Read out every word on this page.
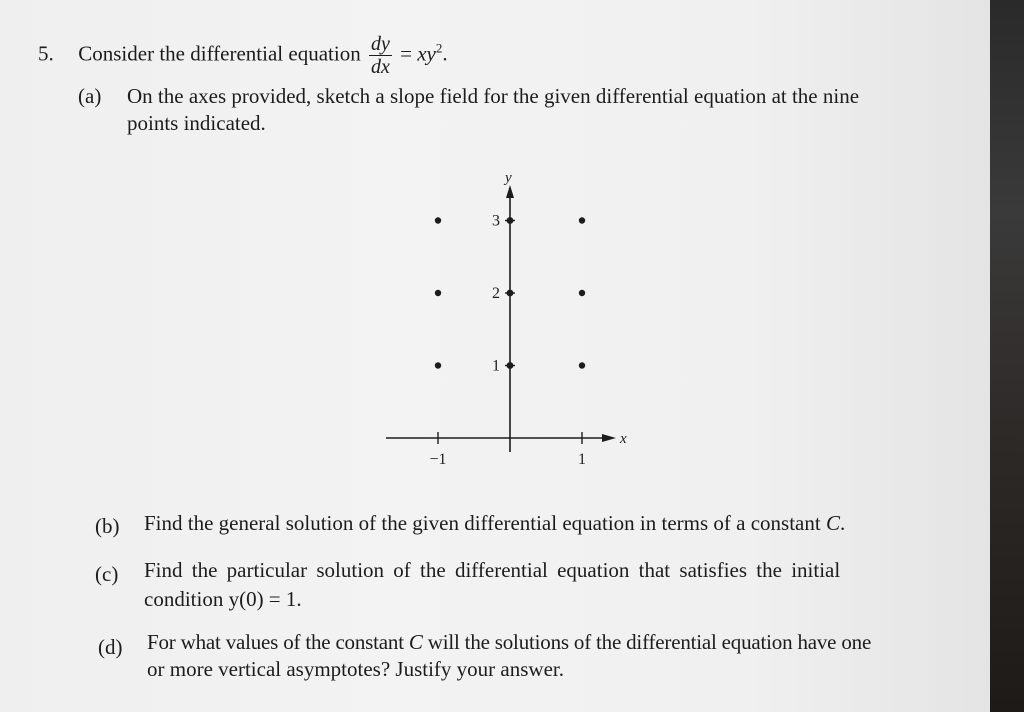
5. Consider the differential equation $\frac{dy}{dx} = xy^2$.
(a) On the axes provided, sketch a slope field for the given differential equation at the nine
points indicated.
x
y
−1	1
1
2
3
(b) Find the general solution of the given differential equation in terms of a constant C.
(c) Find the particular solution of the differential equation that satisfies the initial
condition y(0) = 1.
(d) For what values of the constant C will the solutions of the differential equation have one
or more vertical asymptotes? Justify your answer.
